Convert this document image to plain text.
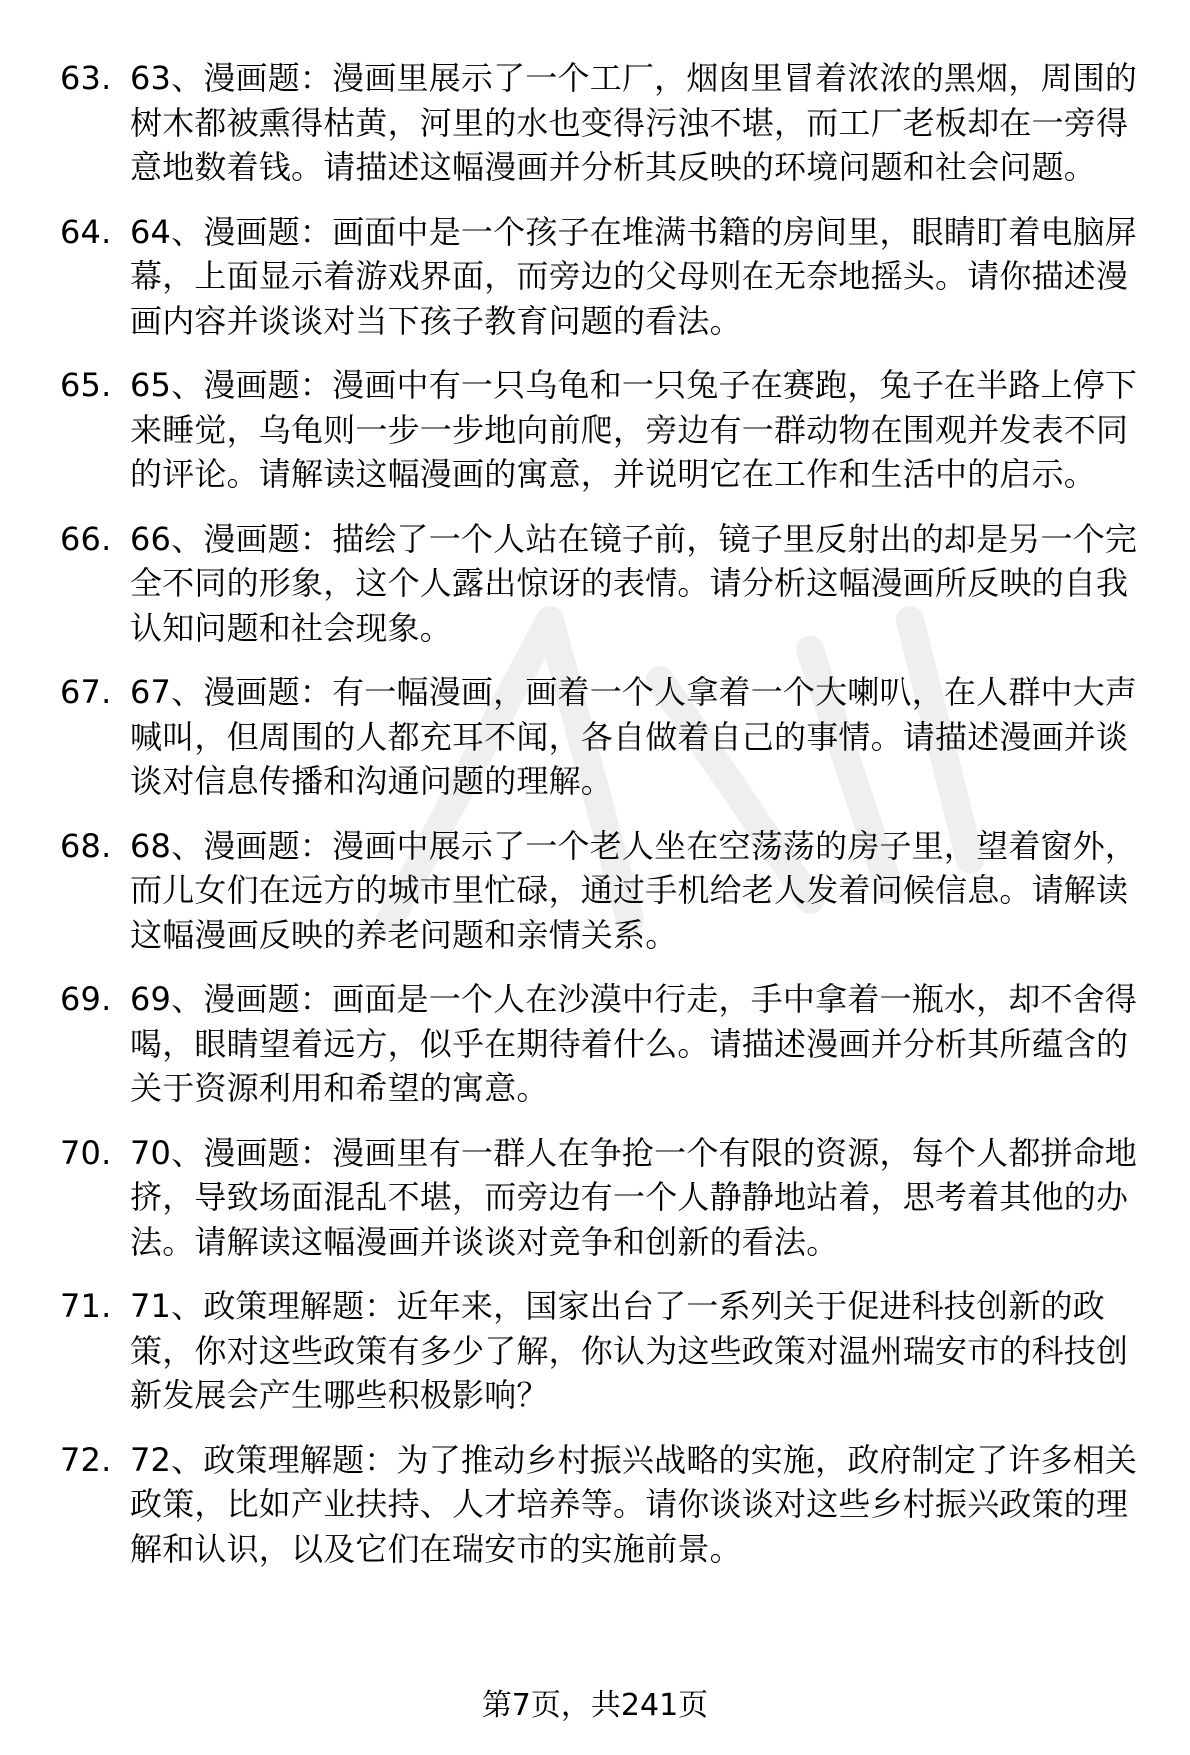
63. 63、漫画题：漫画里展示了一个工厂，烟囱里冒着浓浓的黑烟，周围的树木都被熏得枯黄，河里的水也变得污浊不堪，而工厂老板却在一旁得意地数着钱。请描述这幅漫画并分析其反映的环境问题和社会问题。
64. 64、漫画题：画面中是一个孩子在堆满书籍的房间里，眼睛盯着电脑屏幕，上面显示着游戏界面，而旁边的父母则在无奈地摇头。请你描述漫画内容并谈谈对当下孩子教育问题的看法。
65. 65、漫画题：漫画中有一只乌龟和一只兔子在赛跑，兔子在半路上停下来睡觉，乌龟则一步一步地向前爬，旁边有一群动物在围观并发表不同的评论。请解读这幅漫画的寓意，并说明它在工作和生活中的启示。
66. 66、漫画题：描绘了一个人站在镜子前，镜子里反射出的却是另一个完全不同的形象，这个人露出惊讶的表情。请分析这幅漫画所反映的自我认知问题和社会现象。
67. 67、漫画题：有一幅漫画，画着一个人拿着一个大喇叭，在人群中大声喊叫，但周围的人都充耳不闻，各自做着自己的事情。请描述漫画并谈谈对信息传播和沟通问题的理解。
68. 68、漫画题：漫画中展示了一个老人坐在空荡荡的房子里，望着窗外，而儿女们在远方的城市里忙碌，通过手机给老人发着问候信息。请解读这幅漫画反映的养老问题和亲情关系。
69. 69、漫画题：画面是一个人在沙漠中行走，手中拿着一瓶水，却不舍得喝，眼睛望着远方，似乎在期待着什么。请描述漫画并分析其所蕴含的关于资源利用和希望的寓意。
70. 70、漫画题：漫画里有一群人在争抢一个有限的资源，每个人都拼命地挤，导致场面混乱不堪，而旁边有一个人静静地站着，思考着其他的办法。请解读这幅漫画并谈谈对竞争和创新的看法。
71. 71、政策理解题：近年来，国家出台了一系列关于促进科技创新的政策，你对这些政策有多少了解，你认为这些政策对温州瑞安市的科技创新发展会产生哪些积极影响？
72. 72、政策理解题：为了推动乡村振兴战略的实施，政府制定了许多相关政策，比如产业扶持、人才培养等。请你谈谈对这些乡村振兴政策的理解和认识，以及它们在瑞安市的实施前景。
第7页，共241页
